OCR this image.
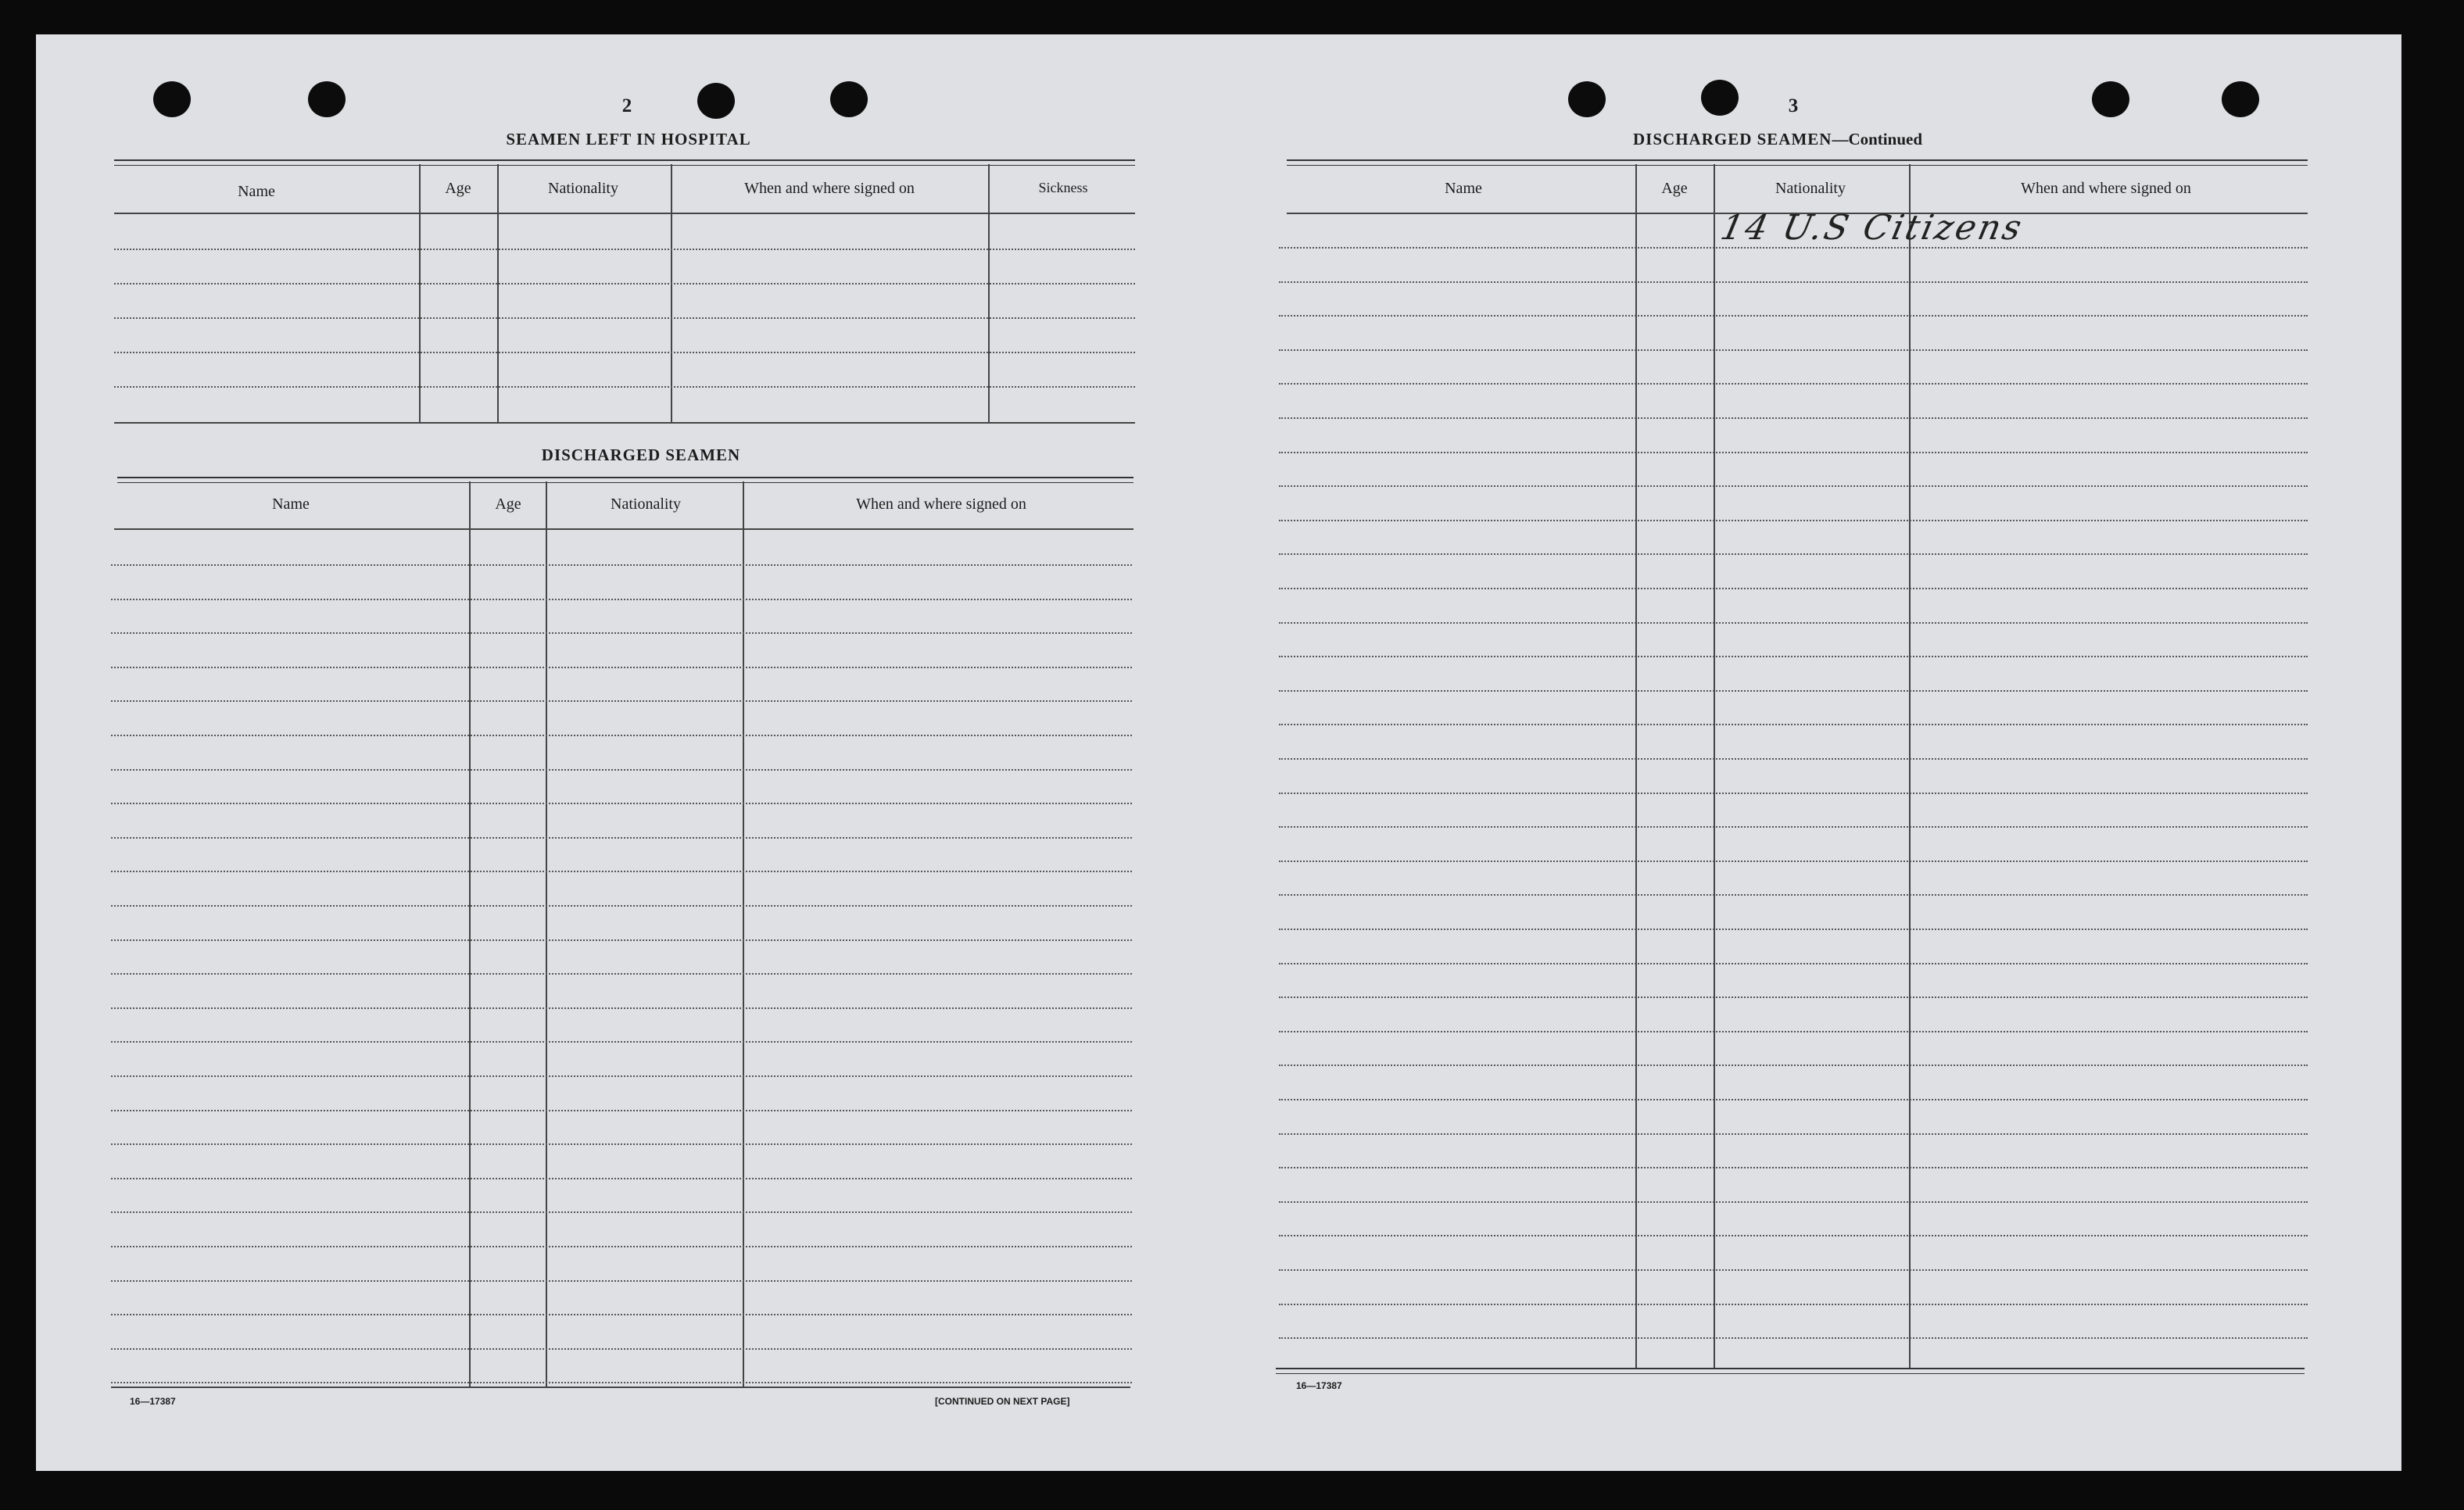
2
SEAMEN LEFT IN HOSPITAL
Name	Age	Nationality	When and where signed on	Sickness
DISCHARGED SEAMEN
Name	Age	Nationality	When and where signed on
16—17387	[CONTINUED ON NEXT PAGE]
3
DISCHARGED SEAMEN—Continued
Name	Age	Nationality	When and where signed on
14 U.S Citizens
16—17387
